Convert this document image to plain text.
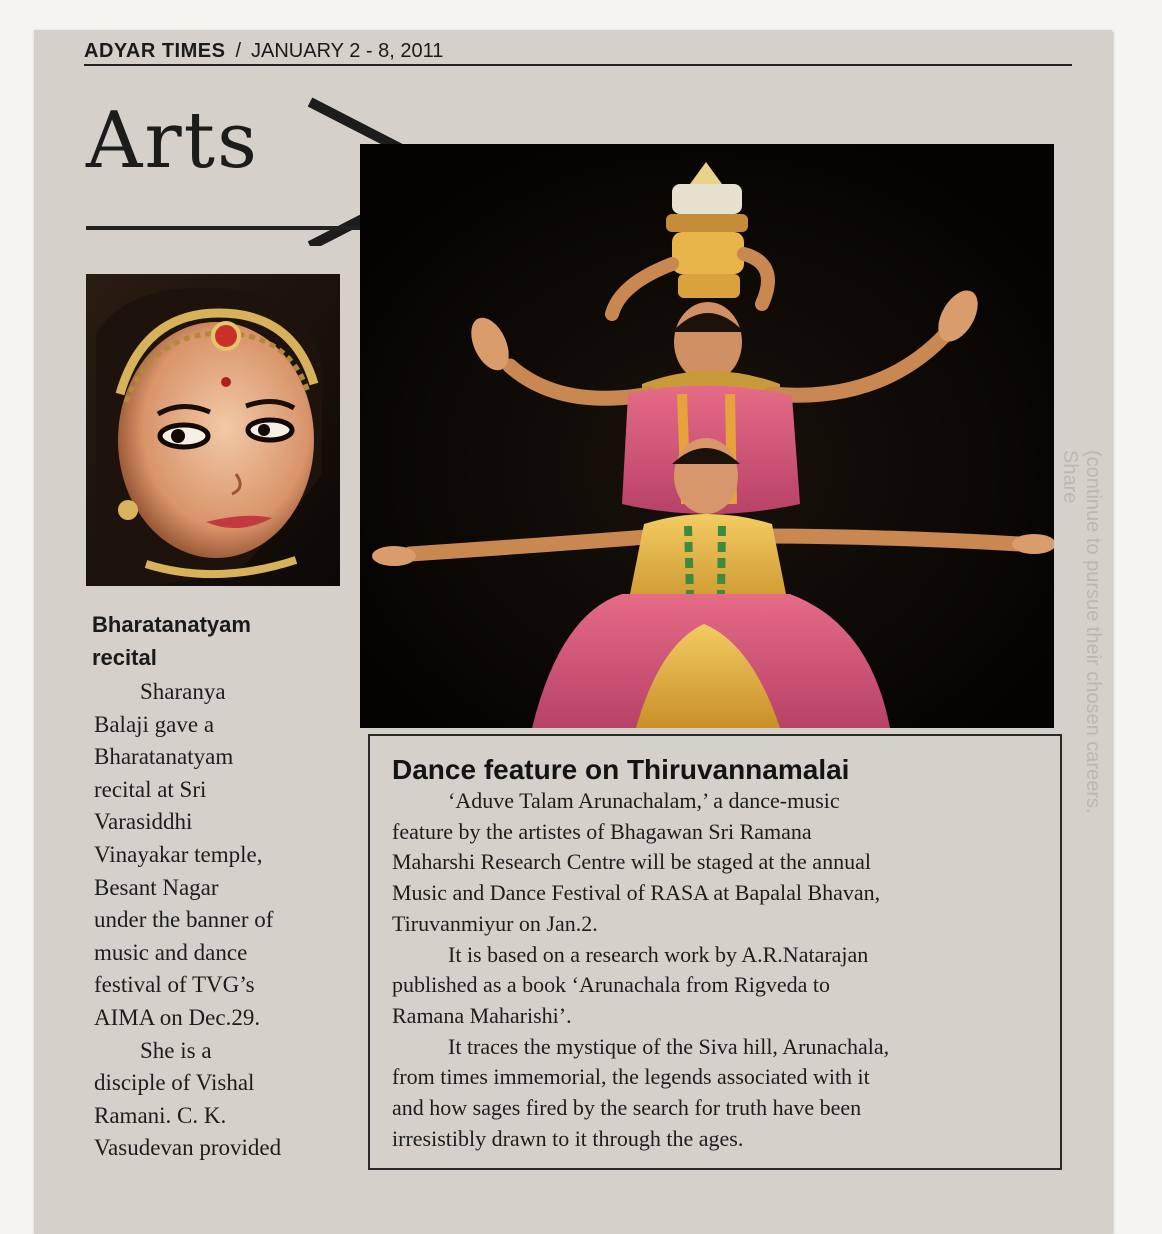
(continue to pursue their chosen careers. Share
ADYAR TIMES / JANUARY 2 - 8, 2011
Arts
Bharatanatyam
recital
Sharanya
Balaji gave a
Bharatanatyam
recital at Sri
Varasiddhi
Vinayakar temple,
Besant Nagar
under the banner of
music and dance
festival of TVG’s
AIMA on Dec.29.
She is a
disciple of Vishal
Ramani. C. K.
Vasudevan provided
Dance feature on Thiruvannamalai
‘Aduve Talam Arunachalam,’ a dance-music
feature by the artistes of Bhagawan Sri Ramana
Maharshi Research Centre will be staged at the annual
Music and Dance Festival of RASA at Bapalal Bhavan,
Tiruvanmiyur on Jan.2.
It is based on a research work by A.R.Natarajan
published as a book ‘Arunachala from Rigveda to
Ramana Maharishi’.
It traces the mystique of the Siva hill, Arunachala,
from times immemorial, the legends associated with it
and how sages fired by the search for truth have been
irresistibly drawn to it through the ages.
